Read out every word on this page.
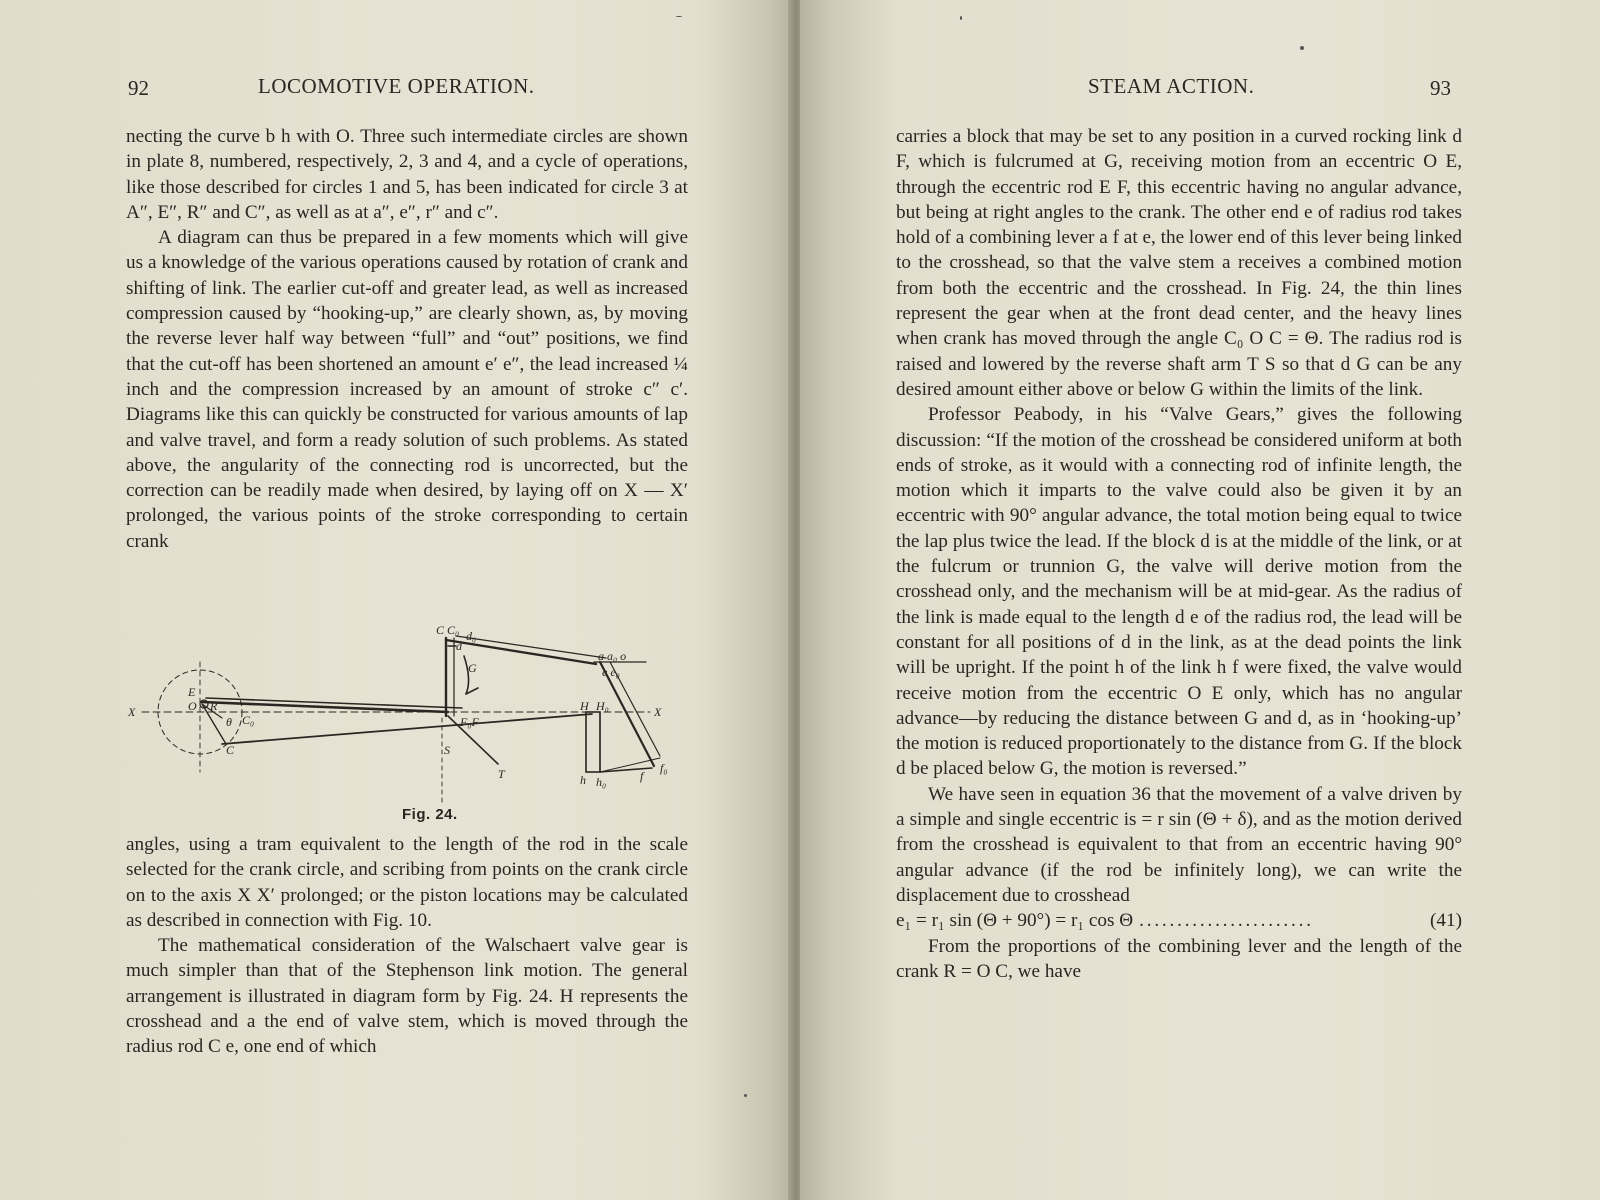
92	LOCOMOTIVE OPERATION.

necting the curve b h with O. Three such intermediate circles are shown in plate 8, numbered, respectively, 2, 3 and 4, and a cycle of operations, like those described for circles 1 and 5, has been indicated for circle 3 at A″, E″, R″ and C″, as well as at a″, e″, r″ and c″.

A diagram can thus be prepared in a few moments which will give us a knowledge of the various operations caused by rotation of crank and shifting of link. The earlier cut-off and greater lead, as well as increased compression caused by “hooking-up,” are clearly shown, as, by moving the reverse lever half way between “full” and “out” positions, we find that the cut-off has been shortened an amount e′ e″, the lead increased ¼ inch and the compression increased by an amount of stroke c″ c′. Diagrams like this can quickly be constructed for various amounts of lap and valve travel, and form a ready solution of such problems. As stated above, the angularity of the connecting rod is uncorrected, but the correction can be readily made when desired, by laying off on X — X′ prolonged, the various points of the stroke corresponding to certain crank

X	X
E
O R
θ C₀
C
C C₀ d₀
d
G
F₀F
S
T
H H₀
a a₀ o
e e₀
h h₀	f
f₀
Fig. 24.

angles, using a tram equivalent to the length of the rod in the scale selected for the crank circle, and scribing from points on the crank circle on to the axis X X′ prolonged; or the piston locations may be calculated as described in connection with Fig. 10.

The mathematical consideration of the Walschaert valve gear is much simpler than that of the Stephenson link motion. The general arrangement is illustrated in diagram form by Fig. 24. H represents the crosshead and a the end of valve stem, which is moved through the radius rod C e, one end of which

STEAM ACTION.	93

carries a block that may be set to any position in a curved rocking link d F, which is fulcrumed at G, receiving motion from an eccentric O E, through the eccentric rod E F, this eccentric having no angular advance, but being at right angles to the crank. The other end e of radius rod takes hold of a combining lever a f at e, the lower end of this lever being linked to the crosshead, so that the valve stem a receives a combined motion from both the eccentric and the crosshead. In Fig. 24, the thin lines represent the gear when at the front dead center, and the heavy lines when crank has moved through the angle C₀ O C = Θ. The radius rod is raised and lowered by the reverse shaft arm T S so that d G can be any desired amount either above or below G within the limits of the link.

Professor Peabody, in his “Valve Gears,” gives the following discussion: “If the motion of the crosshead be considered uniform at both ends of stroke, as it would with a connecting rod of infinite length, the motion which it imparts to the valve could also be given it by an eccentric with 90° angular advance, the total motion being equal to twice the lap plus twice the lead. If the block d is at the middle of the link, or at the fulcrum or trunnion G, the valve will derive motion from the crosshead only, and the mechanism will be at mid-gear. As the radius of the link is made equal to the length d e of the radius rod, the lead will be constant for all positions of d in the link, as at the dead points the link will be upright. If the point h of the link h f were fixed, the valve would receive motion from the eccentric O E only, which has no angular advance—by reducing the distance between G and d, as in ‘hooking-up’ the motion is reduced proportionately to the distance from G. If the block d be placed below G, the motion is reversed.”

We have seen in equation 36 that the movement of a valve driven by a simple and single eccentric is = r sin (Θ + δ), and as the motion derived from the crosshead is equivalent to that from an eccentric having 90° angular advance (if the rod be infinitely long), we can write the displacement due to crosshead

e₁ = r₁ sin (Θ + 90°) = r₁ cos Θ . . . . . . . . . . . . . . . . . . . . . . .	(41)

From the proportions of the combining lever and the length of the crank R = O C, we have
